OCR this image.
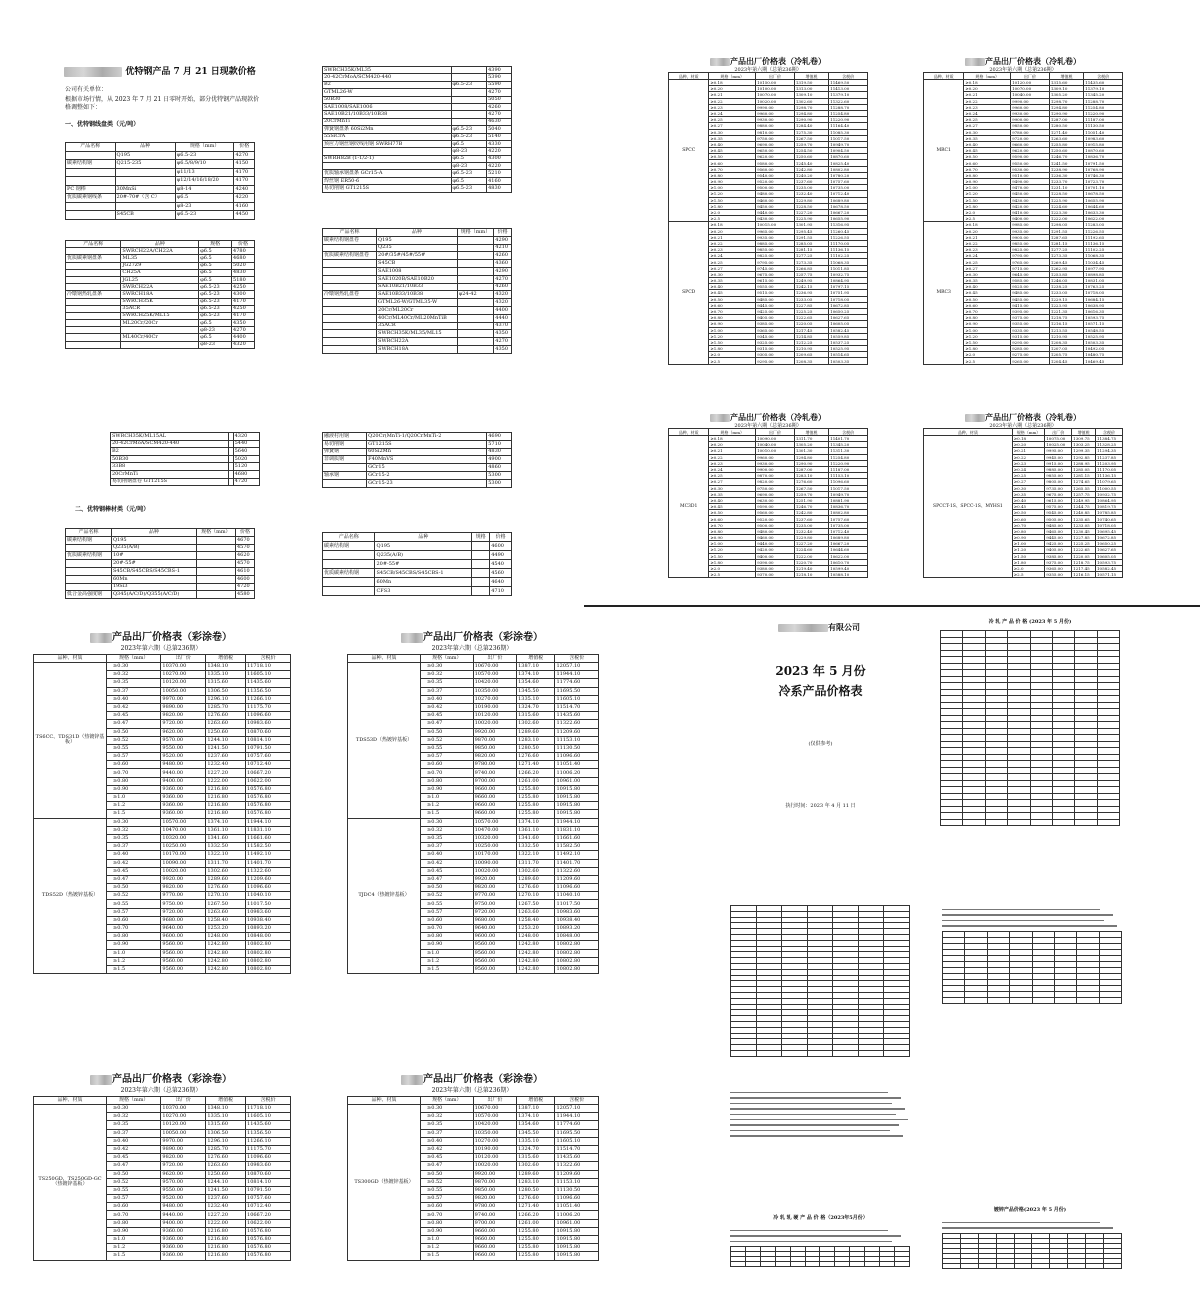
优特钢产品 7 月 21 日现款价格
公司有关单位：
根据市场行情，从 2023 年 7 月 21 日零时开始，部分优特钢产品现款价格调整如下：
一、优特钢线盘类（元/吨）
产品名称	品种	规格（mm）	价格
	Q195	φ6.5-23	4270
碳素结构钢	Q215-235	φ6.5/8/9/10	4150
		φ11/13	4170
		φ12/14/16/18/20	4170
PC 钢棒	30MnSi	φ8-14	4240
优质碳素钢线条	20#-70#（含 C）	φ6.5	4220
		φ8-23	4160
	S45CB	φ6.5-23	4450
产品名称	品种	规格	价格
	SWRCH22A/CH22A	φ6.5	4780
优质碳素钢盘条	ML35	φ6.5	4680
	JG27Z9	φ6.5	5020
	CH25A	φ6.5	4830
	JGL25	φ6.5	5180
	SWRCH22A	φ6.5-23	4250
冷镦钢热轧盘条	SWRCH18A	φ6.5-23	4300
	SWRCH35K	φ6.5-23	4170
	35ACR	φ6.5-23	4250
	SWRCH25K/ML15	φ6.5-23	4170
	ML20Cr/20Cr	φ6.5	4350
		φ8-23	4270
	ML40Cr/40Cr	φ6.5	4400
		φ8-23	4320
SWRCH35K/ML35		4390
20-42CrMoA/SCM420-440		5390
B2	φ6.5-23	5590
GTML26-W		4270
50B30		5050
SAE1008/SAE1006		4260
SAE10B21/10B33/10B38		4270
20CrMnTi		4630
弹簧钢盘条 60Si2Mn	φ6.5-23	5040
55SiCrA	φ6.5-23	5140
预应力钢丝钢绞线用钢 SWRH77B	φ6.5	4330
	φ8-23	4220
SWRH82B (1-1/2-1)	φ6.5	4300
	φ8-23	4220
优质轴承钢盘条 GCr15-A	φ6.5-23	5210
焊丝钢 ER50-6	φ6.5	4160
易切削钢 GT1215S	φ6.5-23	4830
产品名称	品种	规格（mm）	价格
碳素结构钢盘卷	Q195		4290
	Q235		4210
优质碳素结构钢盘卷	20#/35#/45#/55#		4260
	S45CB		4360
	SAE1008		4290
	SAE1020B/SAE10B20		4270
	SAE10B21/10B33		4260
冷镦钢热轧盘卷	SAE10B33/10B38	φ24-42	4320
	GTML26-W/GTML35-W		4320
	20Cr/ML20Cr		4400
	40Cr/ML40Cr/ML20MnTiB		4440
	35ACR		4370
	SWRCH35K/ML35/ML15		4350
	SWRCH22A		4270
	SWRCH18A		4350
SWRCH35K/ML15AL		4320
20-42CrMoA/SCM420-440		5440
B2		5640
50B30		5020
33B8		5120
20CrMnTi		4680
易切削钢盘卷 GT1215S		4720
二、优特钢棒材类（元/吨）
产品名称	品种	规格（mm）	价格
碳素结构钢	Q195		4670
	Q235(A/B)		4570
优质碳素结构钢	10#		4620
	20#-55#		4570
	S45CB/S45CBS/S45CBS-1		4610
	60Mn		4600
	19Si3		4720
低合金高强度钢	Q345(A/C/D)/Q355(A/C/D)		4580
融液村用钢	Q20Cr(MnTi-1/Q20CrMnTi-2	4690
易切削钢	GT1215S	5710
弹簧钢	60Si2Mn	4830
非调质钢	F40MnVS	4900
	GCr15	4860
轴承钢	GCr15-2	5300
	GCr15-23	5300
产品名称	品种	规格	价格
碳素结构钢	Q195		4600
	Q235(A/B)		4490
	20#-55#		4540
优质碳素结构钢	S45CB/S45CBS/S45CBS-1		4560
	60Mn		4640
	CFS3		4710
产品出厂价格表（冷轧卷）
2023年第六期（总第236期）
品种、材质	规格（mm）	出厂价	增值税	含税价
SPCC	≥0.18	10150.00	1319.50	11469.50
	≥0.20	10100.00	1313.00	11413.00
	≥0.21	10070.00	1309.10	11379.10
	≥0.22	10020.00	1302.60	11322.60
	≥0.23	9990.00	1298.70	11288.70
	≥0.24	9960.00	1294.80	11254.80
	≥0.25	9930.00	1290.90	11220.90
	≥0.27	9880.00	1284.40	11164.40
	≥0.30	9810.00	1275.30	11085.30
	≥0.35	9750.00	1267.50	11017.50
	≥0.40	9690.00	1259.70	10949.70
	≥0.45	9650.00	1254.50	10904.50
	≥0.50	9620.00	1250.60	10870.60
	≥0.60	9580.00	1245.40	10825.40
	≥0.70	9560.00	1242.80	10802.80
	≥0.80	9540.00	1240.20	10780.20
	≥0.90	9520.00	1237.60	10757.60
	≥1.00	9500.00	1235.00	10735.00
	≥1.20	9480.00	1232.40	10712.40
	≥1.50	9460.00	1229.80	10689.80
	≥1.80	9450.00	1228.50	10678.50
	≥2.0	9440.00	1227.20	10667.20
	≥2.5	9430.00	1225.90	10655.90
SPCD	≥0.18	10015.00	1301.95	11316.95
	≥0.20	9965.00	1295.45	11260.45
	≥0.21	9935.00	1291.55	11226.55
	≥0.22	9885.00	1285.05	11170.05
	≥0.23	9855.00	1281.15	11136.15
	≥0.24	9825.00	1277.25	11102.25
	≥0.25	9795.00	1273.35	11068.35
	≥0.27	9745.00	1266.85	11011.85
	≥0.30	9675.00	1257.75	10932.75
	≥0.35	9615.00	1249.95	10864.95
	≥0.40	9555.00	1242.15	10797.15
	≥0.45	9515.00	1236.95	10751.95
	≥0.50	9485.00	1233.05	10718.05
	≥0.60	9445.00	1227.85	10672.85
	≥0.70	9425.00	1225.25	10650.25
	≥0.80	9405.00	1222.65	10627.65
	≥0.90	9385.00	1220.05	10605.05
	≥1.00	9365.00	1217.45	10582.45
	≥1.20	9345.00	1214.85	10559.85
	≥1.50	9325.00	1212.25	10537.25
	≥1.80	9315.00	1210.95	10525.95
	≥2.0	9305.00	1209.65	10514.65
	≥2.5	9295.00	1208.35	10503.35
产品出厂价格表（冷轧卷）
2023年第六期（总第236期）
品种、材质	规格（mm）	出厂价	增值税	含税价
MRC1	≥0.18	10120.00	1315.60	11435.60
	≥0.20	10070.00	1309.10	11379.10
	≥0.21	10040.00	1305.20	11345.20
	≥0.22	9990.00	1298.70	11288.70
	≥0.23	9960.00	1294.80	11254.80
	≥0.24	9930.00	1290.90	11220.90
	≥0.25	9900.00	1287.00	11187.00
	≥0.27	9850.00	1280.50	11130.50
	≥0.30	9780.00	1271.40	11051.40
	≥0.35	9720.00	1263.60	10983.60
	≥0.40	9660.00	1255.80	10915.80
	≥0.45	9620.00	1250.60	10870.60
	≥0.50	9590.00	1246.70	10836.70
	≥0.60	9550.00	1241.50	10791.50
	≥0.70	9530.00	1238.90	10768.90
	≥0.80	9510.00	1236.30	10746.30
	≥0.90	9490.00	1233.70	10723.70
	≥1.00	9470.00	1231.10	10701.10
	≥1.20	9450.00	1228.50	10678.50
	≥1.50	9430.00	1225.90	10655.90
	≥1.80	9420.00	1224.60	10644.60
	≥2.0	9410.00	1223.30	10633.30
	≥2.5	9400.00	1222.00	10622.00
MRC3	≥0.18	9985.00	1298.05	11283.05
	≥0.20	9935.00	1291.55	11226.55
	≥0.21	9905.00	1287.65	11192.65
	≥0.22	9855.00	1281.15	11136.15
	≥0.23	9825.00	1277.25	11102.25
	≥0.24	9795.00	1273.35	11068.35
	≥0.25	9765.00	1269.45	11034.45
	≥0.27	9715.00	1262.95	10977.95
	≥0.30	9645.00	1253.85	10898.85
	≥0.35	9585.00	1246.05	10831.05
	≥0.40	9525.00	1238.25	10763.25
	≥0.45	9485.00	1233.05	10718.05
	≥0.50	9455.00	1229.15	10684.15
	≥0.60	9415.00	1223.95	10638.95
	≥0.70	9395.00	1221.35	10616.35
	≥0.80	9375.00	1218.75	10593.75
	≥0.90	9355.00	1216.15	10571.15
	≥1.00	9335.00	1213.55	10548.55
	≥1.20	9315.00	1210.95	10525.95
	≥1.50	9295.00	1208.35	10503.35
	≥1.80	9285.00	1207.05	10492.05
	≥2.0	9275.00	1205.75	10480.75
	≥2.5	9265.00	1204.45	10469.45
产品出厂价格表（冷轧卷）
2023年第六期（总第236期）
品种、材质	规格（mm）	出厂价	增值税	含税价
MC3D1	≥0.18	10090.00	1311.70	11401.70
	≥0.20	10040.00	1305.20	11345.20
	≥0.21	10010.00	1301.30	11311.30
	≥0.22	9960.00	1294.80	11254.80
	≥0.23	9930.00	1290.90	11220.90
	≥0.24	9900.00	1287.00	11187.00
	≥0.25	9870.00	1283.10	11153.10
	≥0.27	9820.00	1276.60	11096.60
	≥0.30	9750.00	1267.50	11017.50
	≥0.35	9690.00	1259.70	10949.70
	≥0.40	9630.00	1251.90	10881.90
	≥0.45	9590.00	1246.70	10836.70
	≥0.50	9560.00	1242.80	10802.80
	≥0.60	9520.00	1237.60	10757.60
	≥0.70	9500.00	1235.00	10735.00
	≥0.80	9480.00	1232.40	10712.40
	≥0.90	9460.00	1229.80	10689.80
	≥1.00	9440.00	1227.20	10667.20
	≥1.20	9420.00	1224.60	10644.60
	≥1.50	9400.00	1222.00	10622.00
	≥1.80	9390.00	1220.70	10610.70
	≥2.0	9380.00	1219.40	10599.40
	≥2.5	9370.00	1218.10	10588.10
产品出厂价格表（冷轧卷）
2023年第六期（总第236期）
品种、材质	规格（mm）	出厂价	增值税	含税价
SPCCT-1S、SPCC-1S、MYHS1	≥0.18	10075.00	1309.75	11384.75
	≥0.20	10025.00	1303.25	11328.25
	≥0.21	9995.00	1299.35	11294.35
	≥0.22	9945.00	1292.85	11237.85
	≥0.23	9915.00	1288.95	11203.95
	≥0.24	9885.00	1285.05	11170.05
	≥0.25	9855.00	1281.15	11136.15
	≥0.27	9805.00	1274.65	11079.65
	≥0.30	9735.00	1265.55	11000.55
	≥0.35	9675.00	1257.75	10932.75
	≥0.40	9615.00	1249.95	10864.95
	≥0.45	9575.00	1244.75	10819.75
	≥0.50	9545.00	1240.85	10785.85
	≥0.60	9505.00	1235.65	10740.65
	≥0.70	9485.00	1233.05	10718.05
	≥0.80	9465.00	1230.45	10695.45
	≥0.90	9445.00	1227.85	10672.85
	≥1.00	9425.00	1225.25	10650.25
	≥1.20	9405.00	1222.65	10627.65
	≥1.50	9385.00	1220.05	10605.05
	≥1.80	9375.00	1218.75	10593.75
	≥2.0	9365.00	1217.45	10582.45
	≥2.5	9355.00	1216.15	10571.15
产品出厂价格表（彩涂卷）
2023年第六期（总第236期）
品种、材质	规格（mm）	出厂价	增值税	含税价
TS6CC、TDS31D（热镀锌基板）	≥0.30	10370.00	1348.10	11718.10
	≥0.32	10270.00	1335.10	11605.10
	≥0.35	10120.00	1315.60	11435.60
	≥0.37	10050.00	1306.50	11356.50
	≥0.40	9970.00	1296.10	11266.10
	≥0.42	9890.00	1285.70	11175.70
	≥0.45	9820.00	1276.60	11096.60
	≥0.47	9720.00	1263.60	10983.60
	≥0.50	9620.00	1250.60	10870.60
	≥0.52	9570.00	1244.10	10814.10
	≥0.55	9550.00	1241.50	10791.50
	≥0.57	9520.00	1237.60	10757.60
	≥0.60	9480.00	1232.40	10712.40
	≥0.70	9440.00	1227.20	10667.20
	≥0.80	9400.00	1222.00	10622.00
	≥0.90	9360.00	1216.80	10576.80
	≥1.0	9360.00	1216.80	10576.80
	≥1.2	9360.00	1216.80	10576.80
	≥1.5	9360.00	1216.80	10576.80
TDS52D（热镀锌基板）	≥0.30	10570.00	1374.10	11944.10
	≥0.32	10470.00	1361.10	11831.10
	≥0.35	10320.00	1341.60	11661.60
	≥0.37	10250.00	1332.50	11582.50
	≥0.40	10170.00	1322.10	11492.10
	≥0.42	10090.00	1311.70	11401.70
	≥0.45	10020.00	1302.60	11322.60
	≥0.47	9920.00	1289.60	11209.60
	≥0.50	9820.00	1276.60	11096.60
	≥0.52	9770.00	1270.10	11040.10
	≥0.55	9750.00	1267.50	11017.50
	≥0.57	9720.00	1263.60	10983.60
	≥0.60	9680.00	1258.40	10938.40
	≥0.70	9640.00	1253.20	10893.20
	≥0.80	9600.00	1248.00	10848.00
	≥0.90	9560.00	1242.80	10802.80
	≥1.0	9560.00	1242.80	10802.80
	≥1.2	9560.00	1242.80	10802.80
	≥1.5	9560.00	1242.80	10802.80
产品出厂价格表（彩涂卷）
2023年第六期（总第236期）
品种、材质	规格（mm）	出厂价	增值税	含税价
TDS53D（热镀锌基板）	≥0.30	10670.00	1387.10	12057.10
	≥0.32	10570.00	1374.10	11944.10
	≥0.35	10420.00	1354.60	11774.60
	≥0.37	10350.00	1345.50	11695.50
	≥0.40	10270.00	1335.10	11605.10
	≥0.42	10190.00	1324.70	11514.70
	≥0.45	10120.00	1315.60	11435.60
	≥0.47	10020.00	1302.60	11322.60
	≥0.50	9920.00	1289.60	11209.60
	≥0.52	9870.00	1283.10	11153.10
	≥0.55	9850.00	1280.50	11130.50
	≥0.57	9820.00	1276.60	11096.60
	≥0.60	9780.00	1271.40	11051.40
	≥0.70	9740.00	1266.20	11006.20
	≥0.80	9700.00	1261.00	10961.00
	≥0.90	9660.00	1255.80	10915.80
	≥1.0	9660.00	1255.80	10915.80
	≥1.2	9660.00	1255.80	10915.80
	≥1.5	9660.00	1255.80	10915.80
TJDC4（热镀锌基板）	≥0.30	10570.00	1374.10	11944.10
	≥0.32	10470.00	1361.10	11831.10
	≥0.35	10320.00	1341.60	11661.60
	≥0.37	10250.00	1332.50	11582.50
	≥0.40	10170.00	1322.10	11492.10
	≥0.42	10090.00	1311.70	11401.70
	≥0.45	10020.00	1302.60	11322.60
	≥0.47	9920.00	1289.60	11209.60
	≥0.50	9820.00	1276.60	11096.60
	≥0.52	9770.00	1270.10	11040.10
	≥0.55	9750.00	1267.50	11017.50
	≥0.57	9720.00	1263.60	10983.60
	≥0.60	9680.00	1258.40	10938.40
	≥0.70	9640.00	1253.20	10893.20
	≥0.80	9600.00	1248.00	10848.00
	≥0.90	9560.00	1242.80	10802.80
	≥1.0	9560.00	1242.80	10802.80
	≥1.2	9560.00	1242.80	10802.80
	≥1.5	9560.00	1242.80	10802.80
产品出厂价格表（彩涂卷）
2023年第六期（总第236期）
品种、材质	规格（mm）	出厂价	增值税	含税价
TS250GD、TS250GD-GC（热镀锌基板）	≥0.30	10370.00	1348.10	11718.10
	≥0.32	10270.00	1335.10	11605.10
	≥0.35	10120.00	1315.60	11435.60
	≥0.37	10050.00	1306.50	11356.50
	≥0.40	9970.00	1296.10	11266.10
	≥0.42	9890.00	1285.70	11175.70
	≥0.45	9820.00	1276.60	11096.60
	≥0.47	9720.00	1263.60	10983.60
	≥0.50	9620.00	1250.60	10870.60
	≥0.52	9570.00	1244.10	10814.10
	≥0.55	9550.00	1241.50	10791.50
	≥0.57	9520.00	1237.60	10757.60
	≥0.60	9480.00	1232.40	10712.40
	≥0.70	9440.00	1227.20	10667.20
	≥0.80	9400.00	1222.00	10622.00
	≥0.90	9360.00	1216.80	10576.80
	≥1.0	9360.00	1216.80	10576.80
	≥1.2	9360.00	1216.80	10576.80
	≥1.5	9360.00	1216.80	10576.80
产品出厂价格表（彩涂卷）
2023年第六期（总第236期）
品种、材质	规格（mm）	出厂价	增值税	含税价
TS300GD（热镀锌基板）	≥0.30	10670.00	1387.10	12057.10
	≥0.32	10570.00	1374.10	11944.10
	≥0.35	10420.00	1354.60	11774.60
	≥0.37	10350.00	1345.50	11695.50
	≥0.40	10270.00	1335.10	11605.10
	≥0.42	10190.00	1324.70	11514.70
	≥0.45	10120.00	1315.60	11435.60
	≥0.47	10020.00	1302.60	11322.60
	≥0.50	9920.00	1289.60	11209.60
	≥0.52	9870.00	1283.10	11153.10
	≥0.55	9850.00	1280.50	11130.50
	≥0.57	9820.00	1276.60	11096.60
	≥0.60	9780.00	1271.40	11051.40
	≥0.70	9740.00	1266.20	11006.20
	≥0.80	9700.00	1261.00	10961.00
	≥0.90	9660.00	1255.80	10915.80
	≥1.0	9660.00	1255.80	10915.80
	≥1.2	9660.00	1255.80	10915.80
	≥1.5	9660.00	1255.80	10915.80
有限公司
2023 年 5 月份
冷系产品价格表
(仅供参考)
执行时间：2023 年 4 月 11 日
冷 轧 产 品 价 格 (2023 年 5 月份)

冷 轧 轧 硬 产 品 价 格（2023年5月份）

镀锌产品价格(2023 年 5 月份)
